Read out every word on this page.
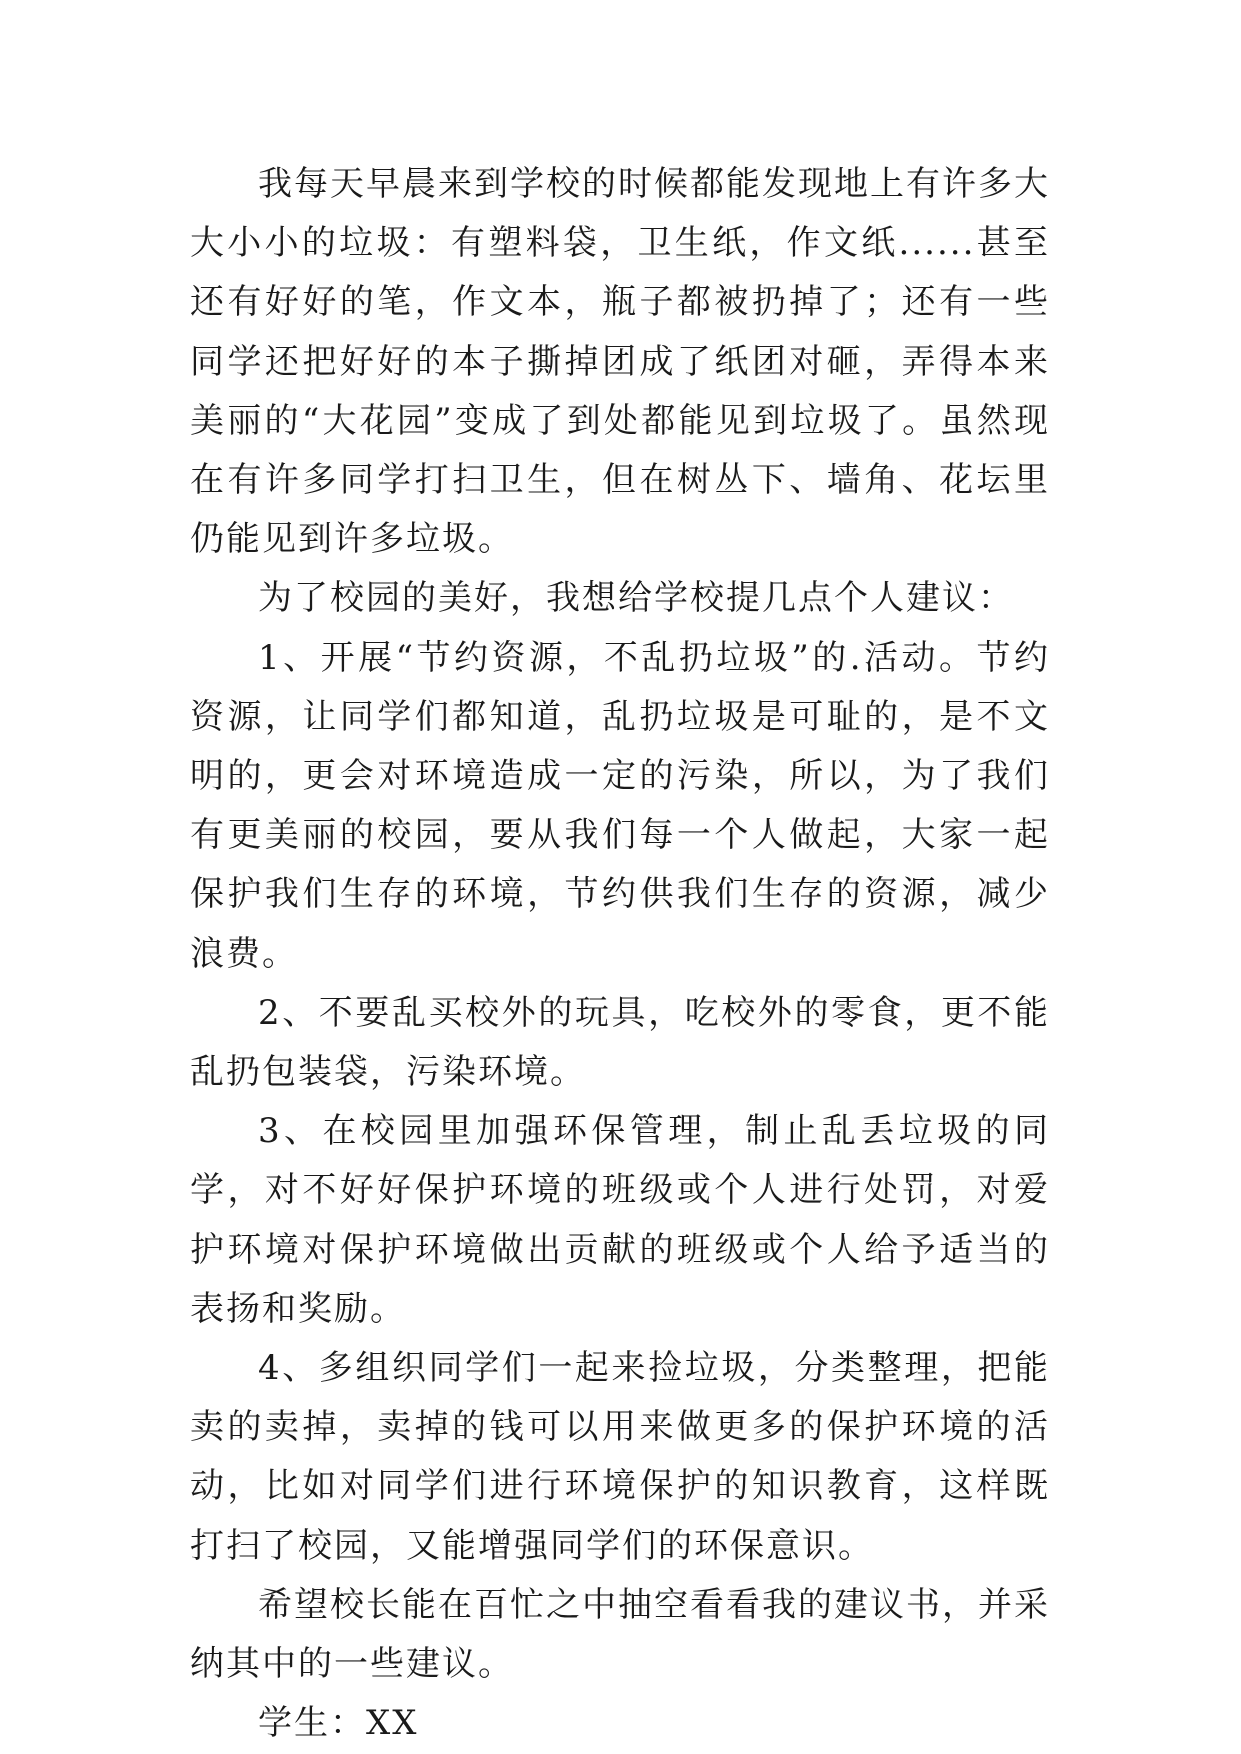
我每天早晨来到学校的时候都能发现地上有许多大大小小的垃圾：有塑料袋，卫生纸，作文纸......甚至还有好好的笔，作文本，瓶子都被扔掉了；还有一些同学还把好好的本子撕掉团成了纸团对砸，弄得本来美丽的“大花园”变成了到处都能见到垃圾了。虽然现在有许多同学打扫卫生，但在树丛下、墙角、花坛里仍能见到许多垃圾。

为了校园的美好，我想给学校提几点个人建议：

1、开展“节约资源，不乱扔垃圾”的.活动。节约资源，让同学们都知道，乱扔垃圾是可耻的，是不文明的，更会对环境造成一定的污染，所以，为了我们有更美丽的校园，要从我们每一个人做起，大家一起保护我们生存的环境，节约供我们生存的资源，减少浪费。

2、不要乱买校外的玩具，吃校外的零食，更不能乱扔包装袋，污染环境。

3、在校园里加强环保管理，制止乱丢垃圾的同学，对不好好保护环境的班级或个人进行处罚，对爱护环境对保护环境做出贡献的班级或个人给予适当的表扬和奖励。

4、多组织同学们一起来捡垃圾，分类整理，把能卖的卖掉，卖掉的钱可以用来做更多的保护环境的活动，比如对同学们进行环境保护的知识教育，这样既打扫了校园，又能增强同学们的环保意识。

希望校长能在百忙之中抽空看看我的建议书，并采纳其中的一些建议。

学生：XX
